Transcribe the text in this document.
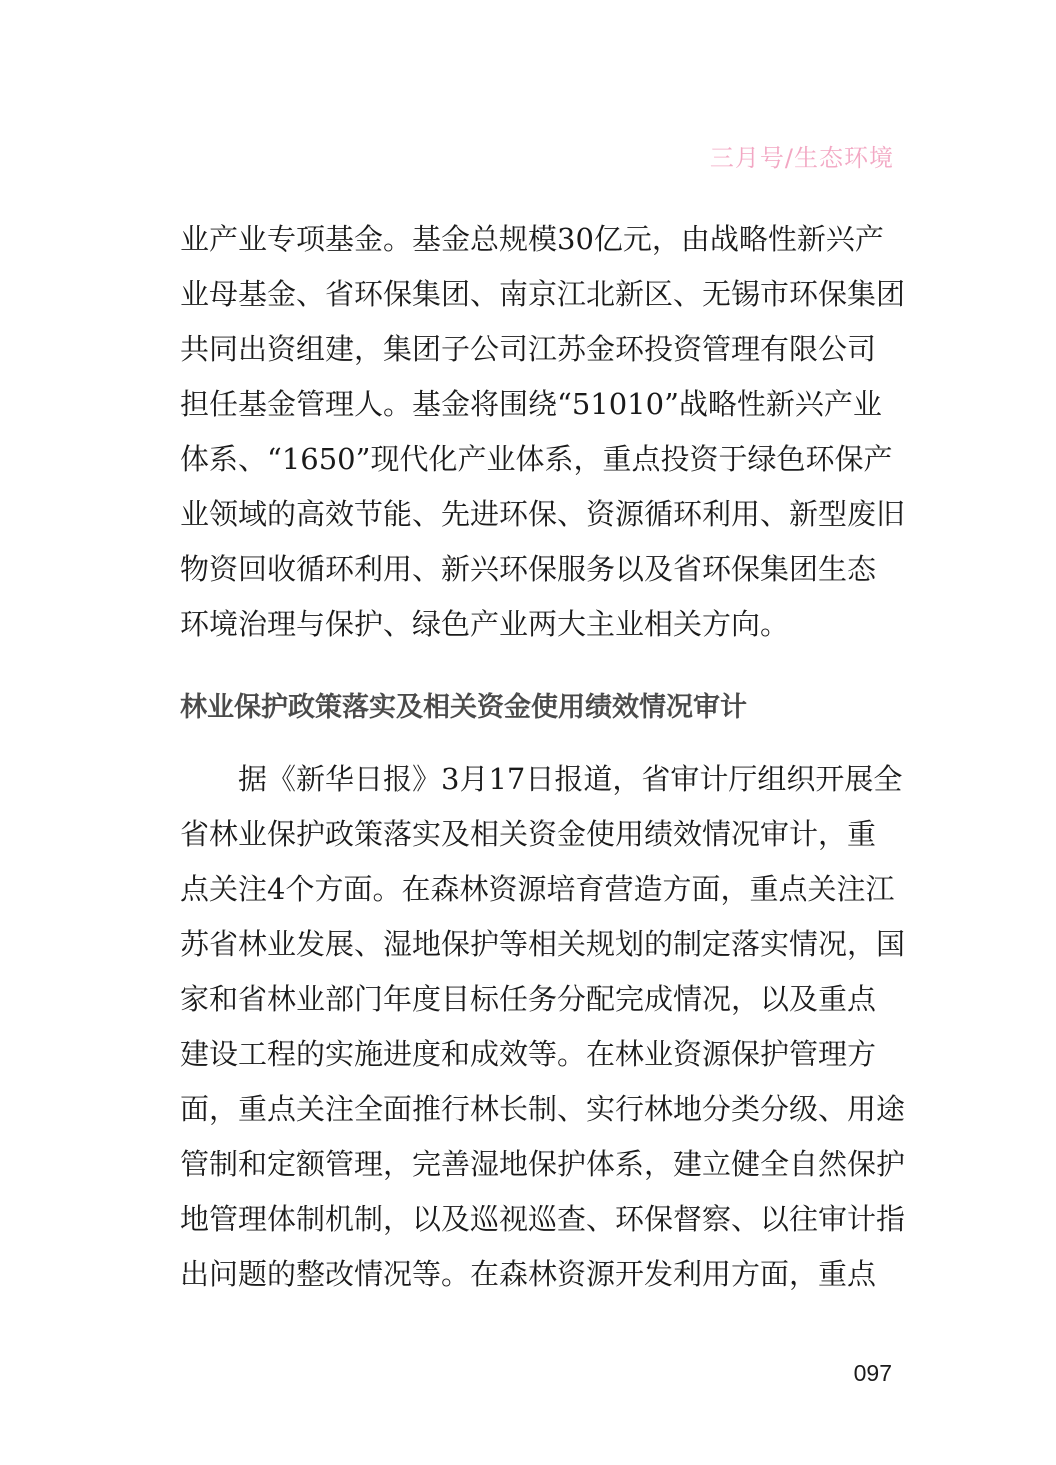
三月号/生态环境
业产业专项基金。基金总规模30亿元，由战略性新兴产
业母基金、省环保集团、南京江北新区、无锡市环保集团
共同出资组建，集团子公司江苏金环投资管理有限公司
担任基金管理人。基金将围绕“51010”战略性新兴产业
体系、“1650”现代化产业体系，重点投资于绿色环保产
业领域的高效节能、先进环保、资源循环利用、新型废旧
物资回收循环利用、新兴环保服务以及省环保集团生态
环境治理与保护、绿色产业两大主业相关方向。
林业保护政策落实及相关资金使用绩效情况审计
　　据《新华日报》3月17日报道，省审计厅组织开展全
省林业保护政策落实及相关资金使用绩效情况审计，重
点关注4个方面。在森林资源培育营造方面，重点关注江
苏省林业发展、湿地保护等相关规划的制定落实情况，国
家和省林业部门年度目标任务分配完成情况，以及重点
建设工程的实施进度和成效等。在林业资源保护管理方
面，重点关注全面推行林长制、实行林地分类分级、用途
管制和定额管理，完善湿地保护体系，建立健全自然保护
地管理体制机制，以及巡视巡查、环保督察、以往审计指
出问题的整改情况等。在森林资源开发利用方面，重点
097
